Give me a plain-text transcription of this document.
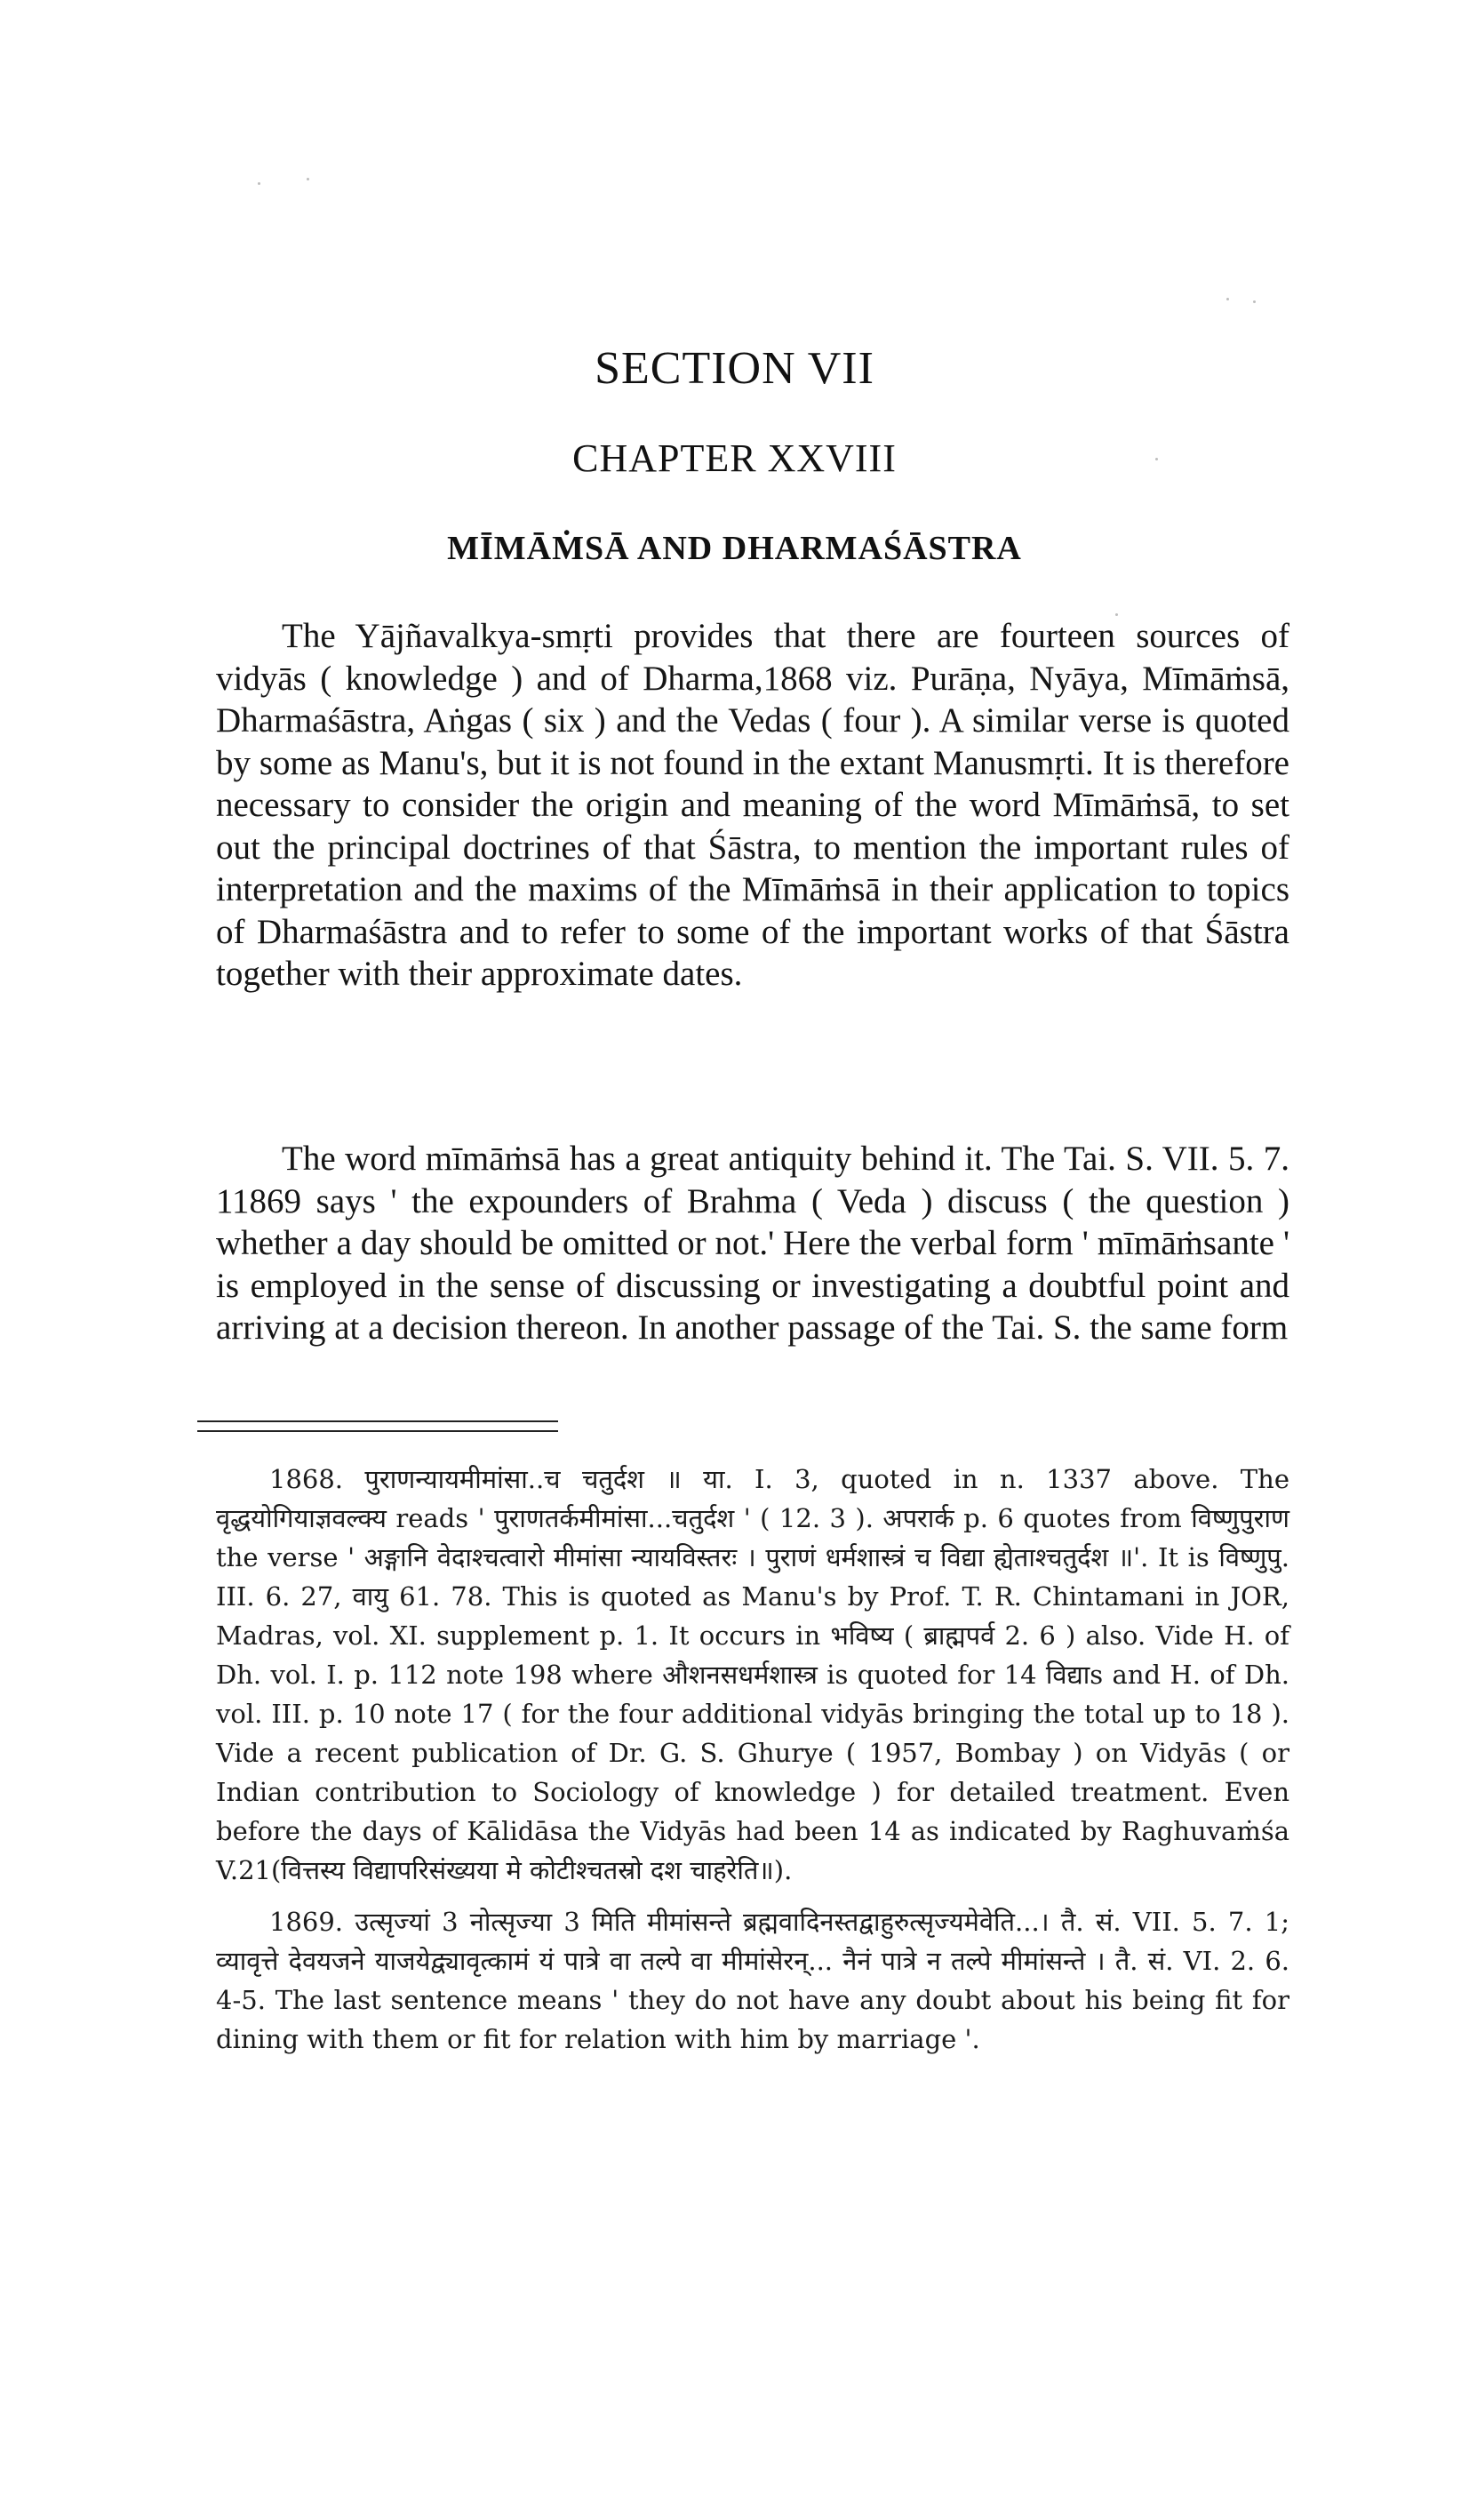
SECTION VII
CHAPTER XXVIII
MĪMĀṀSĀ AND DHARMAŚĀSTRA

The Yājñavalkya-smṛti provides that there are fourteen sources of vidyās ( knowledge ) and of Dharma,1868 viz. Purāṇa, Nyāya, Mīmāṁsā, Dharmaśāstra, Aṅgas ( six ) and the Vedas ( four ). A similar verse is quoted by some as Manu's, but it is not found in the extant Manusmṛti. It is therefore necessary to consider the origin and meaning of the word Mīmāṁsā, to set out the principal doctrines of that Śāstra, to mention the important rules of interpretation and the maxims of the Mīmāṁsā in their application to topics of Dharmaśāstra and to refer to some of the important works of that Śāstra together with their approximate dates.

The word mīmāṁsā has a great antiquity behind it. The Tai. S. VII. 5. 7. 11869 says ' the expounders of Brahma ( Veda ) discuss ( the question ) whether a day should be omitted or not.' Here the verbal form ' mīmāṁsante ' is employed in the sense of discussing or investigating a doubtful point and arriving at a decision thereon. In another passage of the Tai. S. the same form

1868. पुराणन्यायमीमांसा..च चतुर्दश ॥ या. I. 3, quoted in n. 1337 above. The वृद्धयोगियाज्ञवल्क्य reads ' पुराणतर्कमीमांसा...चतुर्दश ' ( 12. 3 ). अपरार्क p. 6 quotes from विष्णुपुराण the verse ' अङ्गानि वेदाश्चत्वारो मीमांसा न्यायविस्तरः । पुराणं धर्मशास्त्रं च विद्या ह्येताश्चतुर्दश ॥'. It is विष्णुपु. III. 6. 27, वायु 61. 78. This is quoted as Manu's by Prof. T. R. Chintamani in JOR, Madras, vol. XI. supplement p. 1. It occurs in भविष्य ( ब्राह्मपर्व 2. 6 ) also. Vide H. of Dh. vol. I. p. 112 note 198 where औशनसधर्मशास्त्र is quoted for 14 विद्याs and H. of Dh. vol. III. p. 10 note 17 ( for the four additional vidyās bringing the total up to 18 ). Vide a recent publication of Dr. G. S. Ghurye ( 1957, Bombay ) on Vidyās ( or Indian contribution to Sociology of knowledge ) for detailed treatment. Even before the days of Kālidāsa the Vidyās had been 14 as indicated by Raghuvaṁśa V.21(वित्तस्य विद्यापरिसंख्यया मे कोटीश्चतस्रो दश चाहरेति॥).

1869. उत्सृज्यां 3 नोत्सृज्या 3 मिति मीमांसन्ते ब्रह्मवादिनस्तद्वाहुरुत्सृज्यमेवेति...। तै. सं. VII. 5. 7. 1; व्यावृत्ते देवयजने याजयेद्व्यावृत्कामं यं पात्रे वा तल्पे वा मीमांसेरन्... नैनं पात्रे न तल्पे मीमांसन्ते । तै. सं. VI. 2. 6. 4-5. The last sentence means ' they do not have any doubt about his being fit for dining with them or fit for relation with him by marriage '.
